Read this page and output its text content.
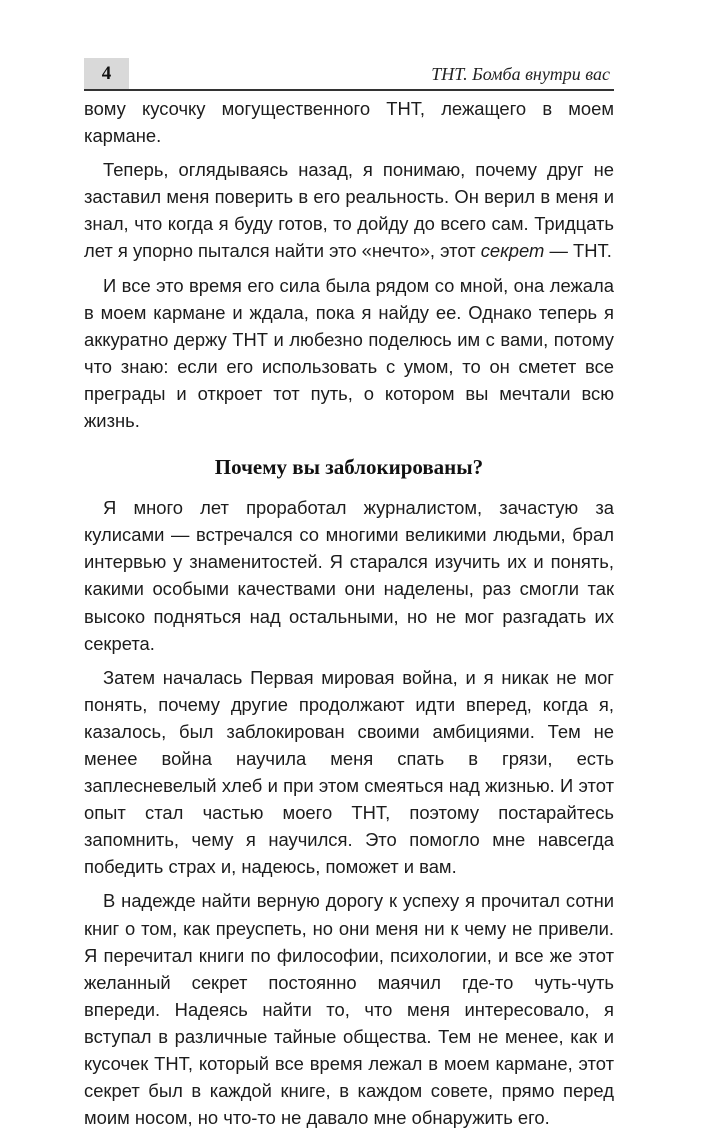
4	ТНТ. Бомба внутри вас

вому кусочку могущественного ТНТ, лежащего в моем кармане.

Теперь, оглядываясь назад, я понимаю, почему друг не заставил меня поверить в его реальность. Он верил в меня и знал, что когда я буду готов, то дойду до всего сам. Тридцать лет я упорно пытался найти это «нечто», этот секрет — ТНТ.

И все это время его сила была рядом со мной, она лежала в моем кармане и ждала, пока я найду ее. Однако теперь я аккуратно держу ТНТ и любезно поделюсь им с вами, потому что знаю: если его использовать с умом, то он сметет все преграды и откроет тот путь, о котором вы мечтали всю жизнь.

Почему вы заблокированы?

Я много лет проработал журналистом, зачастую за кулисами — встречался со многими великими людьми, брал интервью у знаменитостей. Я старался изучить их и понять, какими особыми качествами они наделены, раз смогли так высоко подняться над остальными, но не мог разгадать их секрета.

Затем началась Первая мировая война, и я никак не мог понять, почему другие продолжают идти вперед, когда я, казалось, был заблокирован своими амбициями. Тем не менее война научила меня спать в грязи, есть заплесневелый хлеб и при этом смеяться над жизнью. И этот опыт стал частью моего ТНТ, поэтому постарайтесь запомнить, чему я научился. Это помогло мне навсегда победить страх и, надеюсь, поможет и вам.

В надежде найти верную дорогу к успеху я прочитал сотни книг о том, как преуспеть, но они меня ни к чему не привели. Я перечитал книги по философии, психологии, и все же этот желанный секрет постоянно маячил где-то чуть-чуть впереди. Надеясь найти то, что меня интересовало, я вступал в различные тайные общества. Тем не менее, как и кусочек ТНТ, который все время лежал в моем кармане, этот секрет был в каждой книге, в каждом совете, прямо перед моим носом, но что-то не давало мне обнаружить его.
